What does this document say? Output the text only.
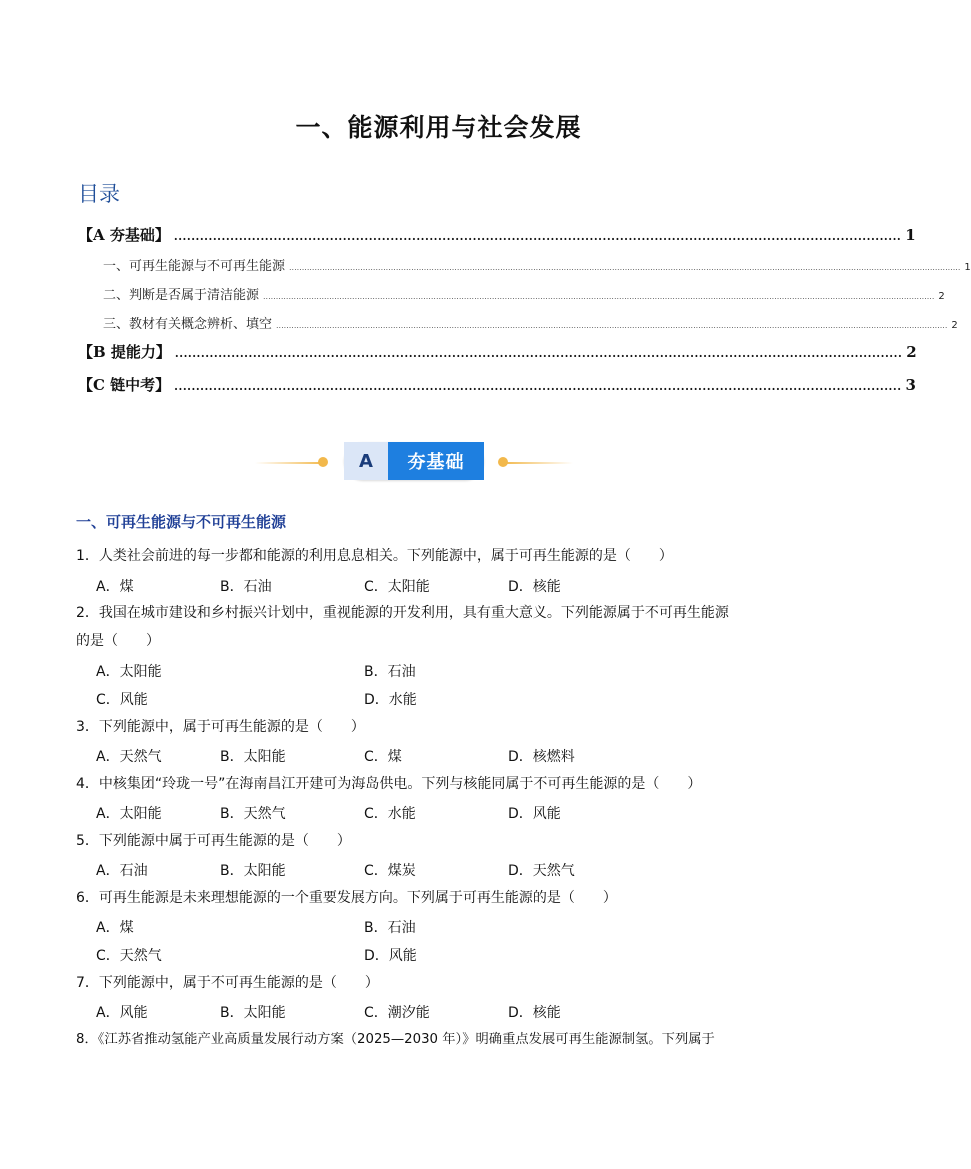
一、能源利用与社会发展
目录
【A 夯基础】 ........................................................................................................................................................................ 1
一、可再生能源与不可再生能源 ........................................................................................................................................................................................................................................................................ 1
二、判断是否属于清洁能源 ........................................................................................................................................................................................................................................................................ 2
三、教材有关概念辨析、填空 ........................................................................................................................................................................................................................................................................ 2
【B 提能力】 ........................................................................................................................................................................ 2
【C 链中考】 ........................................................................................................................................................................ 3
A	夯基础
一、可再生能源与不可再生能源
1．人类社会前进的每一步都和能源的利用息息相关。下列能源中，属于可再生能源的是（　　）
A．煤	B．石油	C．太阳能	D．核能
2．我国在城市建设和乡村振兴计划中，重视能源的开发利用，具有重大意义。下列能源属于不可再生能源
的是（　　）
A．太阳能	B．石油
C．风能	D．水能
3．下列能源中，属于可再生能源的是（　　）
A．天然气	B．太阳能	C．煤	D．核燃料
4．中核集团“玲珑一号”在海南昌江开建可为海岛供电。下列与核能同属于不可再生能源的是（　　）
A．太阳能	B．天然气	C．水能	D．风能
5．下列能源中属于可再生能源的是（　　）
A．石油	B．太阳能	C．煤炭	D．天然气
6．可再生能源是未来理想能源的一个重要发展方向。下列属于可再生能源的是（　　）
A．煤	B．石油
C．天然气	D．风能
7．下列能源中，属于不可再生能源的是（　　）
A．风能	B．太阳能	C．潮汐能	D．核能
8．《江苏省推动氢能产业高质量发展行动方案（2025—2030 年）》明确重点发展可再生能源制氢。下列属于
